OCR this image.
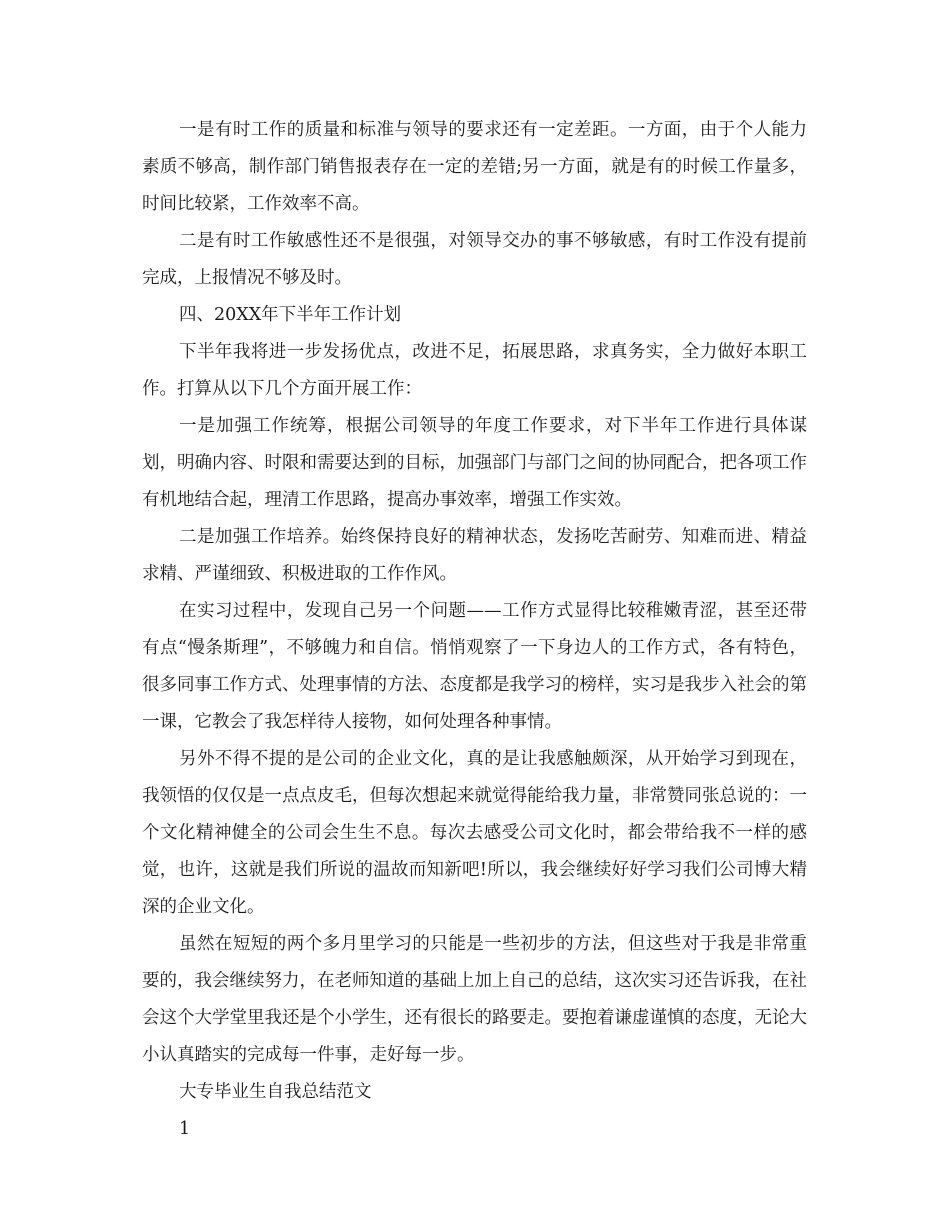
一是有时工作的质量和标准与领导的要求还有一定差距。一方面，由于个人能力素质不够高，制作部门销售报表存在一定的差错;另一方面，就是有的时候工作量多，时间比较紧，工作效率不高。

二是有时工作敏感性还不是很强，对领导交办的事不够敏感，有时工作没有提前完成，上报情况不够及时。

四、20XX年下半年工作计划

下半年我将进一步发扬优点，改进不足，拓展思路，求真务实，全力做好本职工作。打算从以下几个方面开展工作：

一是加强工作统筹，根据公司领导的年度工作要求，对下半年工作进行具体谋划，明确内容、时限和需要达到的目标，加强部门与部门之间的协同配合，把各项工作有机地结合起，理清工作思路，提高办事效率，增强工作实效。

二是加强工作培养。始终保持良好的精神状态，发扬吃苦耐劳、知难而进、精益求精、严谨细致、积极进取的工作作风。

在实习过程中，发现自己另一个问题——工作方式显得比较稚嫩青涩，甚至还带有点“慢条斯理”，不够魄力和自信。悄悄观察了一下身边人的工作方式，各有特色，很多同事工作方式、处理事情的方法、态度都是我学习的榜样，实习是我步入社会的第一课，它教会了我怎样待人接物，如何处理各种事情。

另外不得不提的是公司的企业文化，真的是让我感触颇深，从开始学习到现在，我领悟的仅仅是一点点皮毛，但每次想起来就觉得能给我力量，非常赞同张总说的：一个文化精神健全的公司会生生不息。每次去感受公司文化时，都会带给我不一样的感觉，也许，这就是我们所说的温故而知新吧!所以，我会继续好好学习我们公司博大精深的企业文化。

虽然在短短的两个多月里学习的只能是一些初步的方法，但这些对于我是非常重要的，我会继续努力，在老师知道的基础上加上自己的总结，这次实习还告诉我，在社会这个大学堂里我还是个小学生，还有很长的路要走。要抱着谦虚谨慎的态度，无论大小认真踏实的完成每一件事，走好每一步。

大专毕业生自我总结范文

1
